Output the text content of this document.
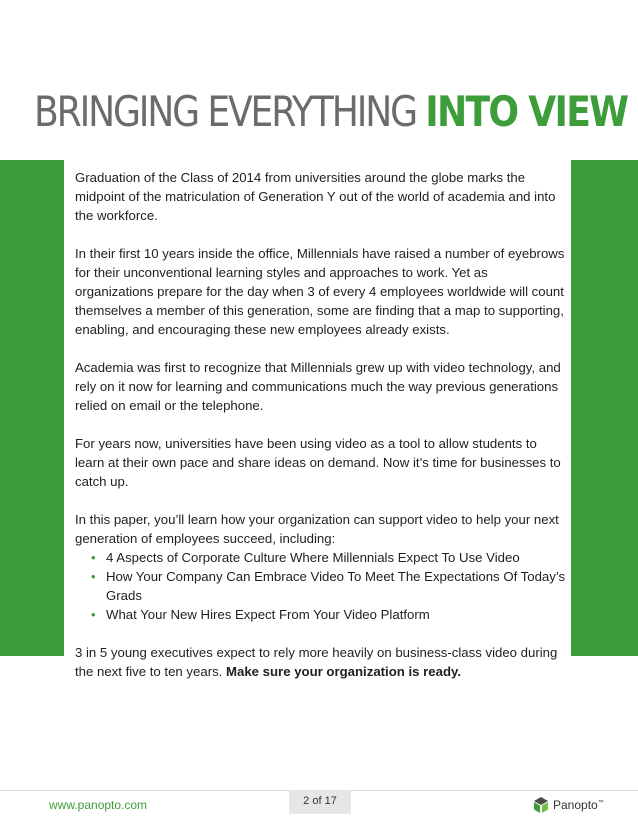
BRINGING EVERYTHING INTO VIEW

Graduation of the Class of 2014 from universities around the globe marks the midpoint of the matriculation of Generation Y out of the world of academia and into the workforce.

In their first 10 years inside the office, Millennials have raised a number of eyebrows for their unconventional learning styles and approaches to work. Yet as organizations prepare for the day when 3 of every 4 employees worldwide will count themselves a member of this generation, some are finding that a map to supporting, enabling, and encouraging these new employees already exists.

Academia was first to recognize that Millennials grew up with video technology, and rely on it now for learning and communications much the way previous generations relied on email or the telephone.

For years now, universities have been using video as a tool to allow students to learn at their own pace and share ideas on demand. Now it’s time for businesses to catch up.

In this paper, you’ll learn how your organization can support video to help your next generation of employees succeed, including:

• 4 Aspects of Corporate Culture Where Millennials Expect To Use Video
• How Your Company Can Embrace Video To Meet The Expectations Of Today’s Grads
• What Your New Hires Expect From Your Video Platform

3 in 5 young executives expect to rely more heavily on business-class video during the next five to ten years. Make sure your organization is ready.

www.panopto.com	2 of 17	Panopto™
